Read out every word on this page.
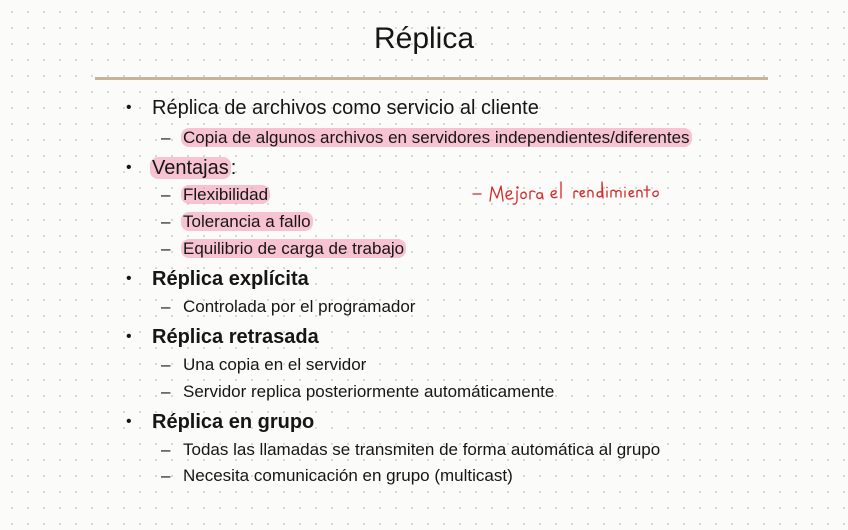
Réplica
• Réplica de archivos como servicio al cliente
– Copia de algunos archivos en servidores independientes/diferentes
• Ventajas :
– Flexibilidad
– Tolerancia a fallo
– Equilibrio de carga de trabajo
• Réplica explícita
– Controlada por el programador
• Réplica retrasada
– Una copia en el servidor
– Servidor replica posteriormente automáticamente
• Réplica en grupo
– Todas las llamadas se transmiten de forma automática al grupo
– Necesita comunicación en grupo (multicast)
